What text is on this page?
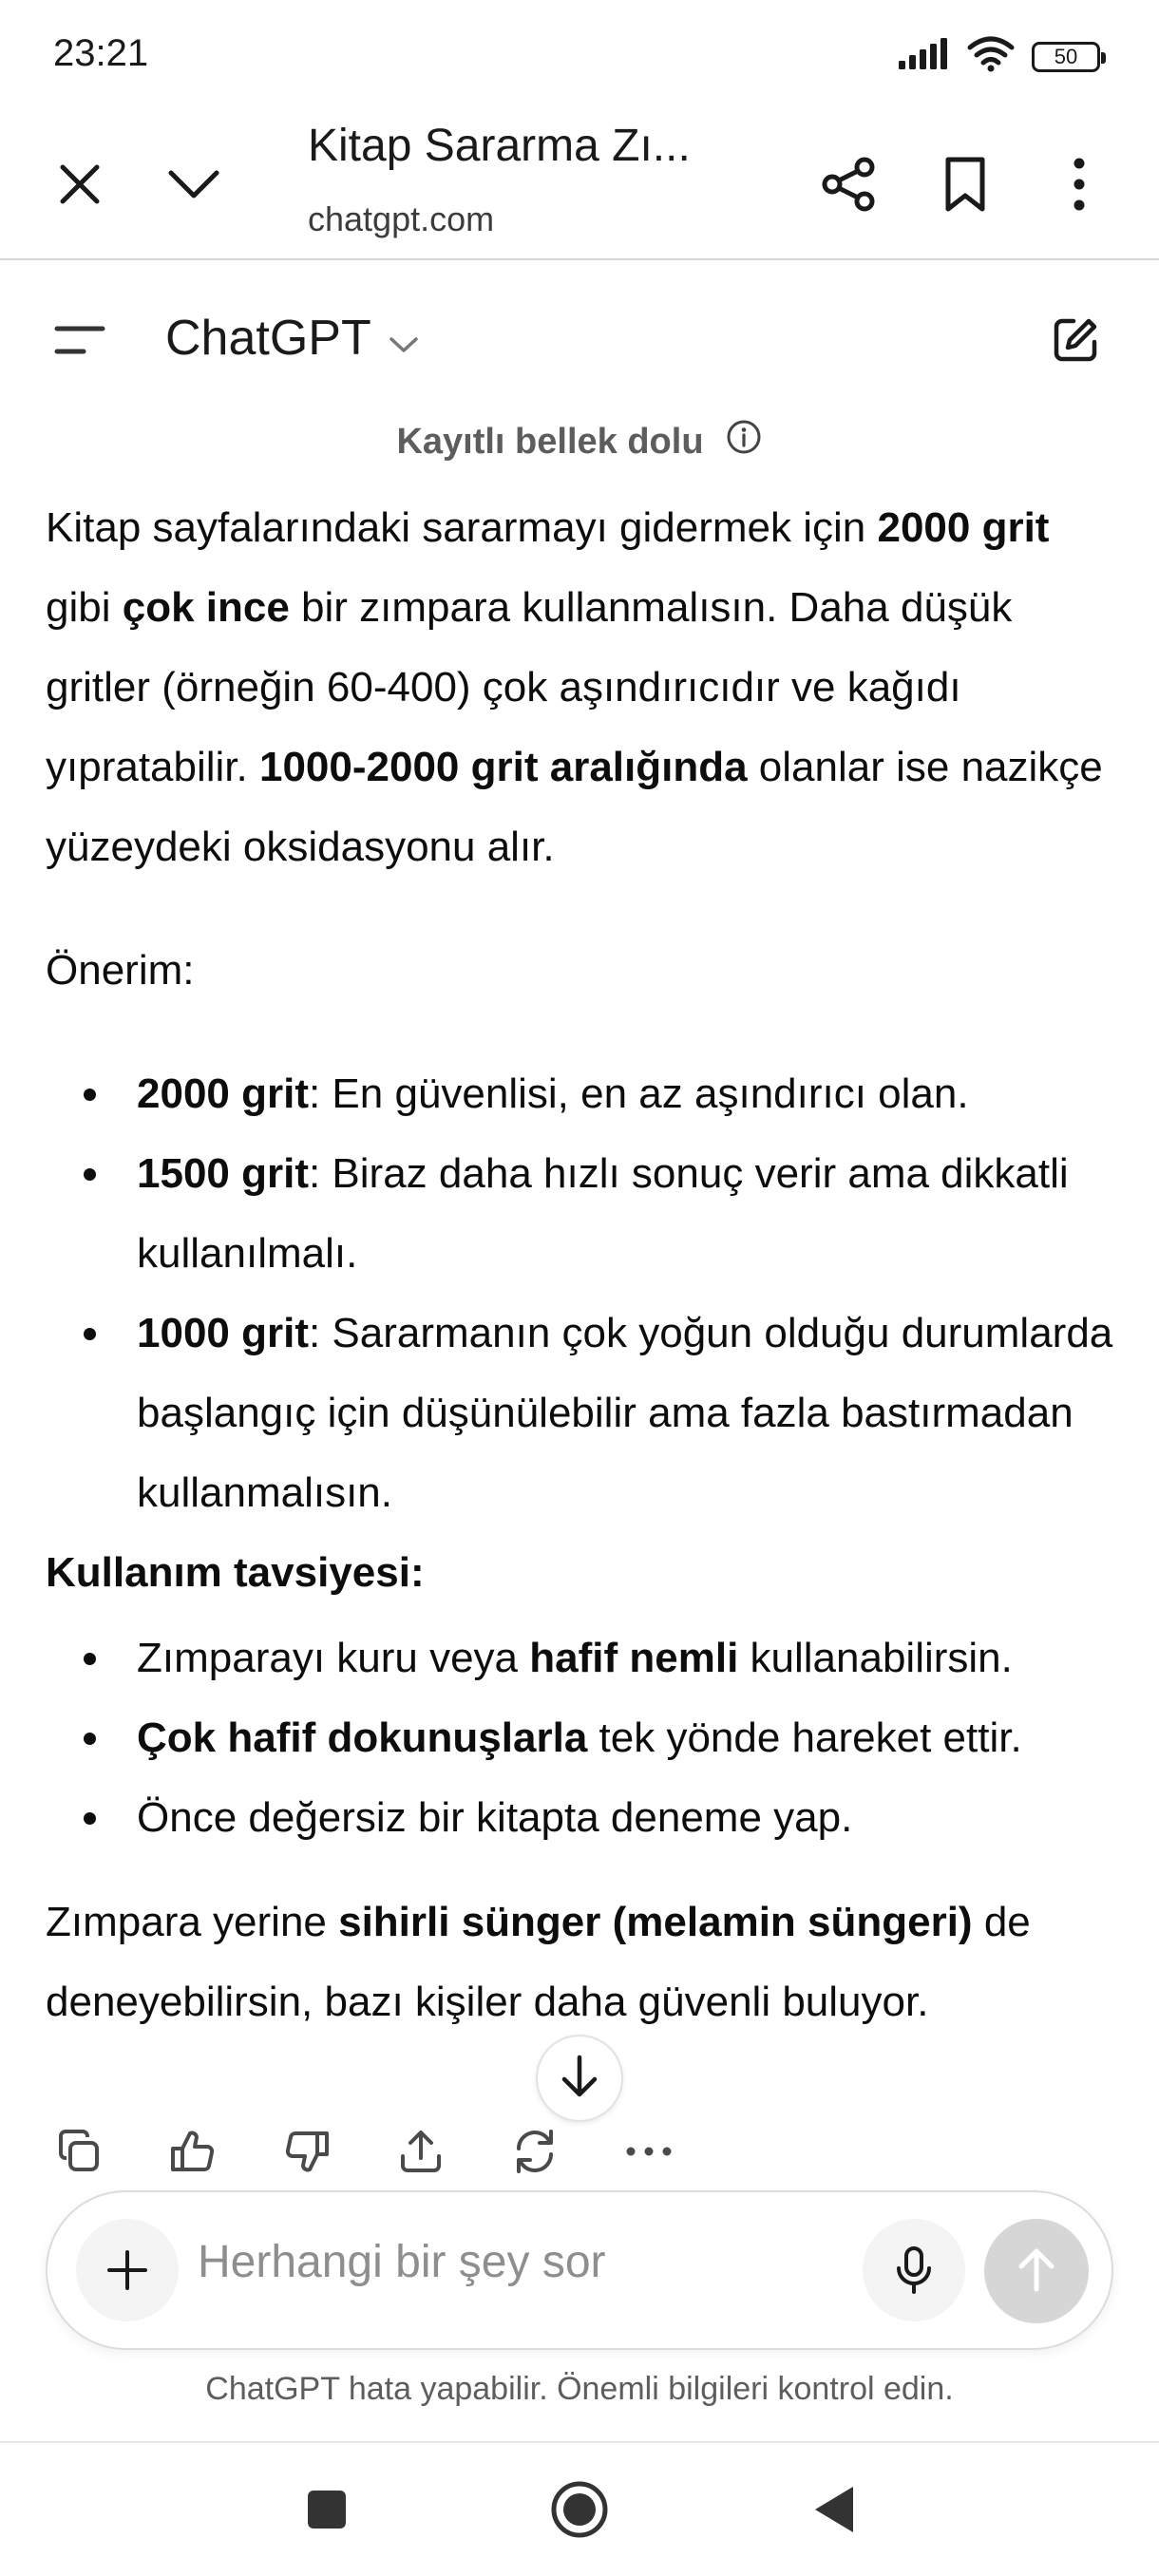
23:21	50
Kitap Sararma Zı...
chatgpt.com
ChatGPT
Kayıtlı bellek dolu

Kitap sayfalarındaki sararmayı gidermek için 2000 grit gibi çok ince bir zımpara kullanmalısın. Daha düşük gritler (örneğin 60-400) çok aşındırıcıdır ve kağıdı yıpratabilir. 1000-2000 grit aralığında olanlar ise nazikçe yüzeydeki oksidasyonu alır.

Önerim:

2000 grit: En güvenlisi, en az aşındırıcı olan.
1500 grit: Biraz daha hızlı sonuç verir ama dikkatli kullanılmalı.
1000 grit: Sararmanın çok yoğun olduğu durumlarda başlangıç için düşünülebilir ama fazla bastırmadan kullanmalısın.

Kullanım tavsiyesi:

Zımparayı kuru veya hafif nemli kullanabilirsin.
Çok hafif dokunuşlarla tek yönde hareket ettir.
Önce değersiz bir kitapta deneme yap.

Zımpara yerine sihirli sünger (melamin süngeri) de deneyebilirsin, bazı kişiler daha güvenli buluyor.

Herhangi bir şey sor
ChatGPT hata yapabilir. Önemli bilgileri kontrol edin.
